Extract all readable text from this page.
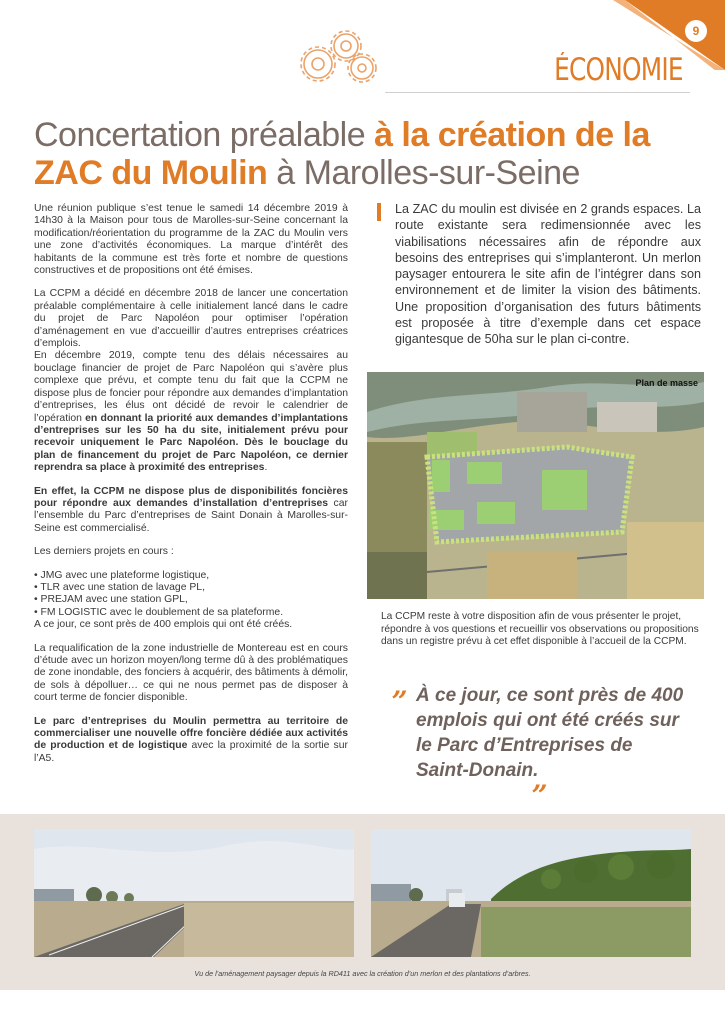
9
ÉCONOMIE
Concertation préalable à la création de la ZAC du Moulin à Marolles-sur-Seine

Une réunion publique s’est tenue le samedi 14 décembre 2019 à 14h30 à la Maison pour tous de Marolles-sur-Seine concernant la modification/réorientation du programme de la ZAC du Moulin vers une zone d’activités économiques. La marque d’intérêt des habitants de la commune est très forte et nombre de questions constructives et de propositions ont été émises.

La CCPM a décidé en décembre 2018 de lancer une concertation préalable complémentaire à celle initialement lancé dans le cadre du projet de Parc Napoléon pour optimiser l’opération d’aménagement en vue d’accueillir d’autres entreprises créatrices d’emplois.

En décembre 2019, compte tenu des délais nécessaires au bouclage financier de projet de Parc Napoléon qui s’avère plus complexe que prévu, et compte tenu du fait que la CCPM ne dispose plus de foncier pour répondre aux demandes d’implantation d’entreprises, les élus ont décidé de revoir le calendrier de l’opération en donnant la priorité aux demandes d’implantations d’entreprises sur les 50 ha du site, initialement prévu pour recevoir uniquement le Parc Napoléon. Dès le bouclage du plan de financement du projet de Parc Napoléon, ce dernier reprendra sa place à proximité des entreprises.

En effet, la CCPM ne dispose plus de disponibilités foncières pour répondre aux demandes d’installation d’entreprises car l’ensemble du Parc d’entreprises de Saint Donain à Marolles-sur-Seine est commercialisé.

Les derniers projets en cours :

• JMG avec une plateforme logistique,
• TLR avec une station de lavage PL,
• PREJAM avec une station GPL,
• FM LOGISTIC avec le doublement de sa plateforme.
A ce jour, ce sont près de 400 emplois qui ont été créés.

La requalification de la zone industrielle de Montereau est en cours d’étude avec un horizon moyen/long terme dû à des problématiques de zone inondable, des fonciers à acquérir, des bâtiments à démolir, de sols à dépolluer… ce qui ne nous permet pas de disposer à court terme de foncier disponible.

Le parc d’entreprises du Moulin permettra au territoire de commercialiser une nouvelle offre foncière dédiée aux activités de production et de logistique avec la proximité de la sortie sur l’A5.

La ZAC du moulin est divisée en 2 grands espaces. La route existante sera redimensionnée avec les viabilisations nécessaires afin de répondre aux besoins des entreprises qui s’implanteront. Un merlon paysager entourera le site afin de l’intégrer dans son environnement et de limiter la vision des bâtiments. Une proposition d’organisation des futurs bâtiments est proposée à titre d’exemple dans cet espace gigantesque de 50ha sur le plan ci-contre.
Plan de masse
La CCPM reste à votre disposition afin de vous présenter le projet, répondre à vos questions et recueillir vos observations ou propositions dans un registre prévu à cet effet disponible à l’accueil de la CCPM.
„ À ce jour, ce sont près de 400 emplois qui ont été créés sur le Parc d’Entreprises de Saint-Donain.
„
Vu de l’aménagement paysager depuis la RD411 avec la création d’un merlon et des plantations d’arbres.
